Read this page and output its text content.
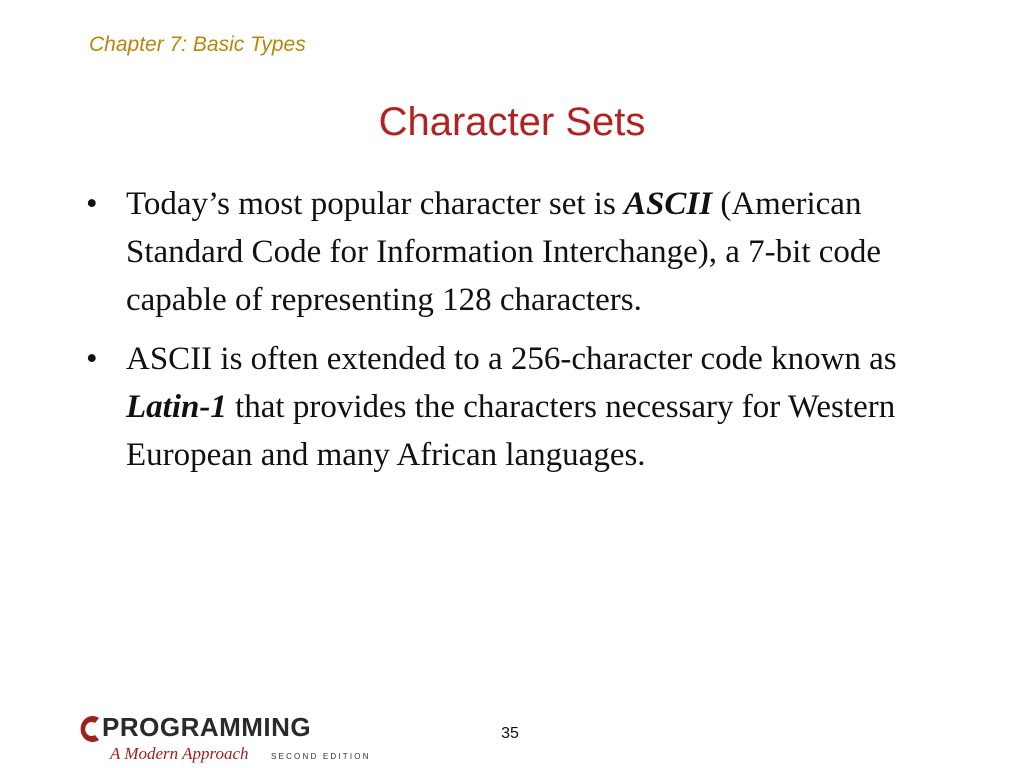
Chapter 7: Basic Types
Character Sets
• Today’s most popular character set is ASCII (American Standard Code for Information Interchange), a 7-bit code capable of representing 128 characters.
• ASCII is often extended to a 256-character code known as Latin-1 that provides the characters necessary for Western European and many African languages.
PROGRAMMING
A Modern Approach	SECOND EDITION
35
